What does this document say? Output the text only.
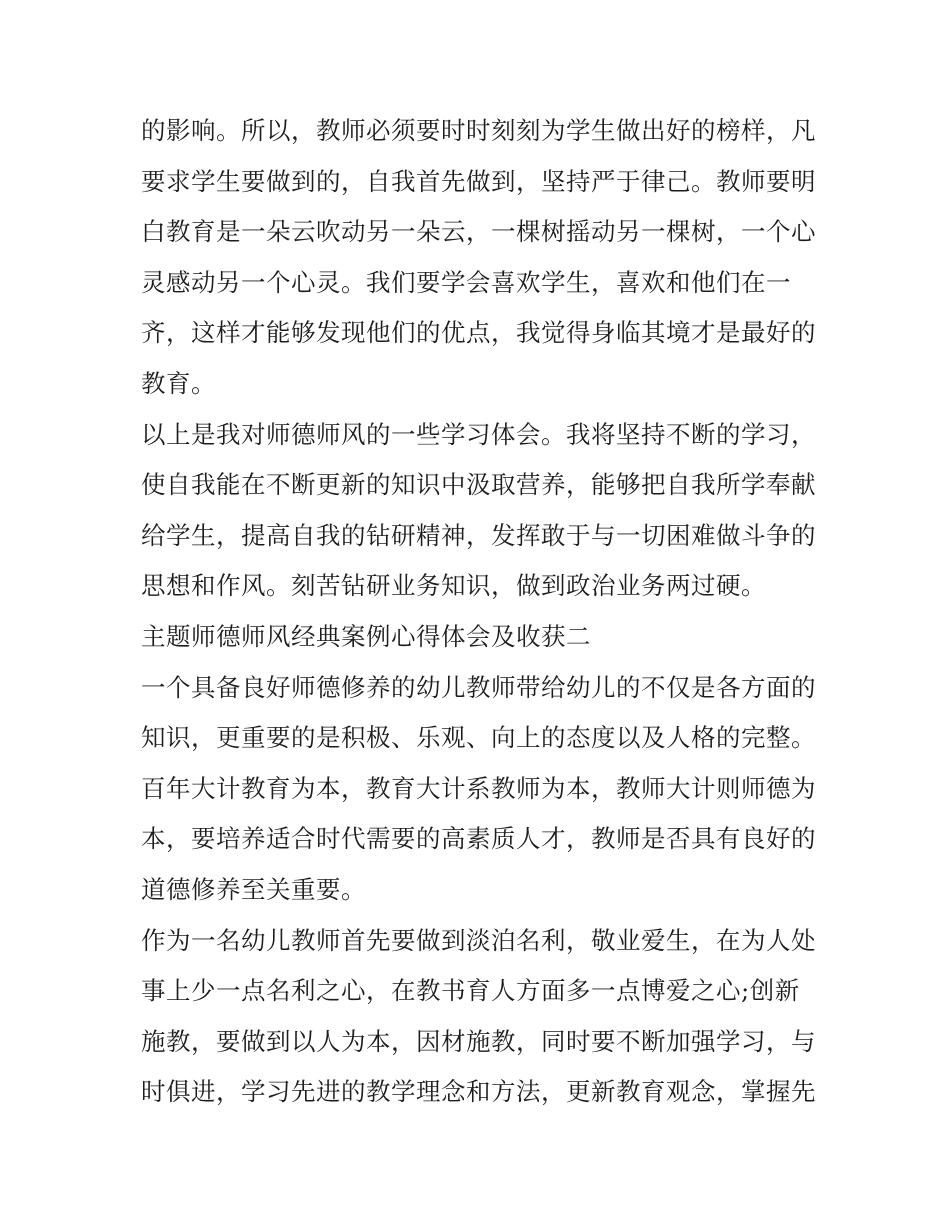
的影响。所以，教师必须要时时刻刻为学生做出好的榜样，凡
要求学生要做到的，自我首先做到，坚持严于律己。教师要明
白教育是一朵云吹动另一朵云，一棵树摇动另一棵树，一个心
灵感动另一个心灵。我们要学会喜欢学生，喜欢和他们在一
齐，这样才能够发现他们的优点，我觉得身临其境才是最好的
教育。
以上是我对师德师风的一些学习体会。我将坚持不断的学习，
使自我能在不断更新的知识中汲取营养，能够把自我所学奉献
给学生，提高自我的钻研精神，发挥敢于与一切困难做斗争的
思想和作风。刻苦钻研业务知识，做到政治业务两过硬。
主题师德师风经典案例心得体会及收获二
一个具备良好师德修养的幼儿教师带给幼儿的不仅是各方面的
知识，更重要的是积极、乐观、向上的态度以及人格的完整。
百年大计教育为本，教育大计系教师为本，教师大计则师德为
本，要培养适合时代需要的高素质人才，教师是否具有良好的
道德修养至关重要。
作为一名幼儿教师首先要做到淡泊名利，敬业爱生，在为人处
事上少一点名利之心，在教书育人方面多一点博爱之心;创新
施教，要做到以人为本，因材施教，同时要不断加强学习，与
时俱进，学习先进的教学理念和方法，更新教育观念，掌握先
